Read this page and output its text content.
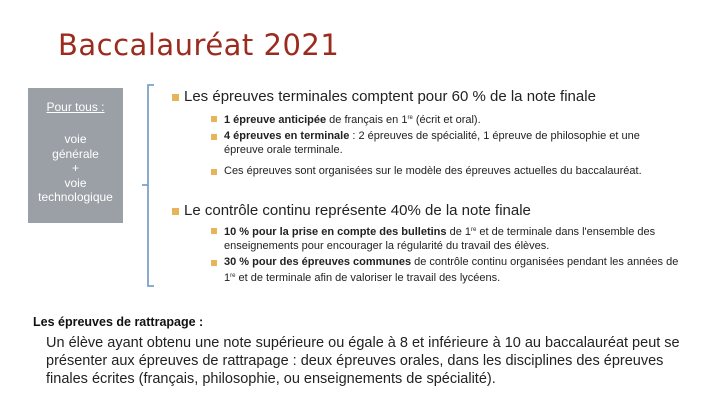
Baccalauréat 2021
Pour tous :
voie
générale
+
voie
technologique
Les épreuves terminales comptent pour 60 % de la note finale
1 épreuve anticipée de français en 1re (écrit et oral).
4 épreuves en terminale : 2 épreuves de spécialité, 1 épreuve de philosophie et une épreuve orale terminale.
Ces épreuves sont organisées sur le modèle des épreuves actuelles du baccalauréat.
Le contrôle continu représente 40% de la note finale
10 % pour la prise en compte des bulletins de 1re et de terminale dans l'ensemble des enseignements pour encourager la régularité du travail des élèves.
30 % pour des épreuves communes de contrôle continu organisées pendant les années de 1re et de terminale afin de valoriser le travail des lycéens.
Les épreuves de rattrapage :
Un élève ayant obtenu une note supérieure ou égale à 8 et inférieure à 10 au baccalauréat peut se présenter aux épreuves de rattrapage : deux épreuves orales, dans les disciplines des épreuves finales écrites (français, philosophie, ou enseignements de spécialité).
